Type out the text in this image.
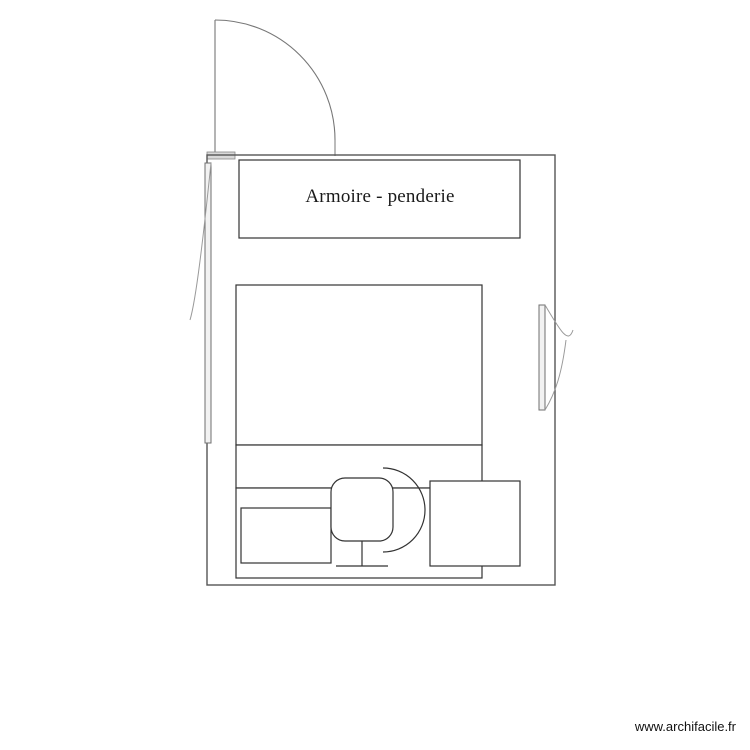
Armoire - penderie
www.archifacile.fr
